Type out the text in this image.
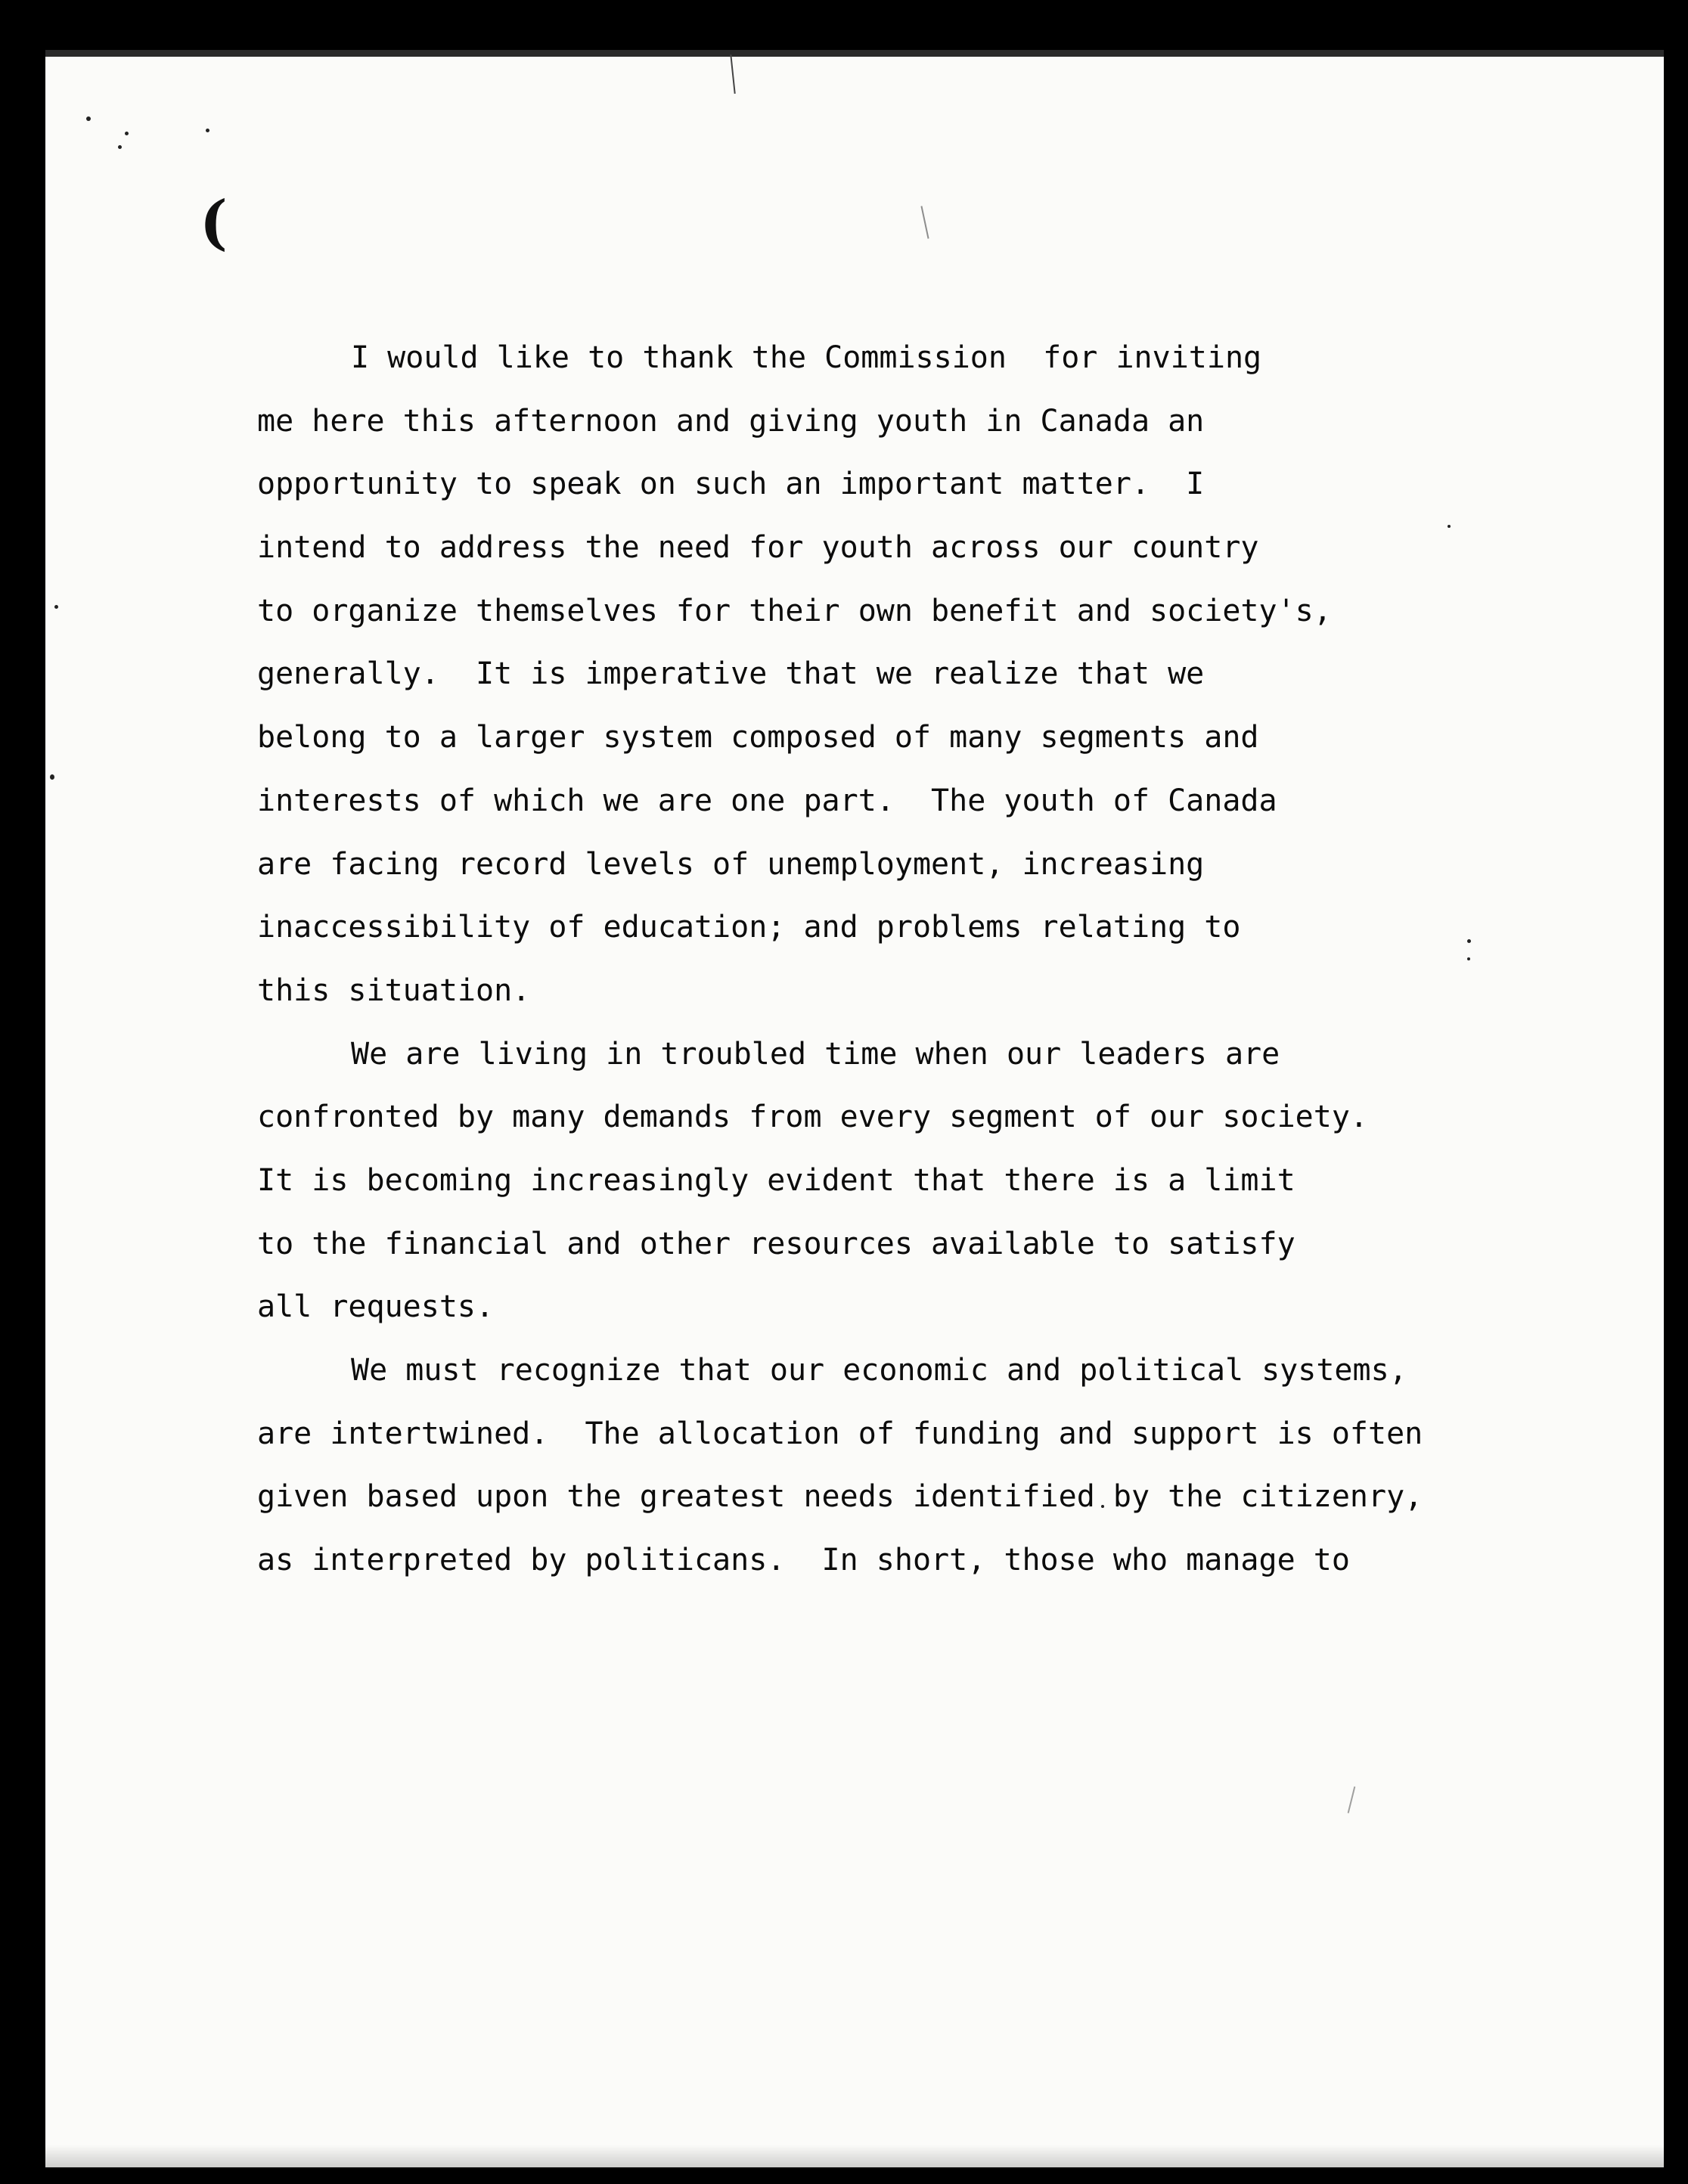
(
I would like to thank the Commission  for inviting
me here this afternoon and giving youth in Canada an
opportunity to speak on such an important matter.  I
intend to address the need for youth across our country
to organize themselves for their own benefit and society's,
generally.  It is imperative that we realize that we
belong to a larger system composed of many segments and
interests of which we are one part.  The youth of Canada
are facing record levels of unemployment, increasing
inaccessibility of education; and problems relating to
this situation.
We are living in troubled time when our leaders are
confronted by many demands from every segment of our society.
It is becoming increasingly evident that there is a limit
to the financial and other resources available to satisfy
all requests.
We must recognize that our economic and political systems,
are intertwined.  The allocation of funding and support is often
given based upon the greatest needs identified by the citizenry,
as interpreted by politicans.  In short, those who manage to
